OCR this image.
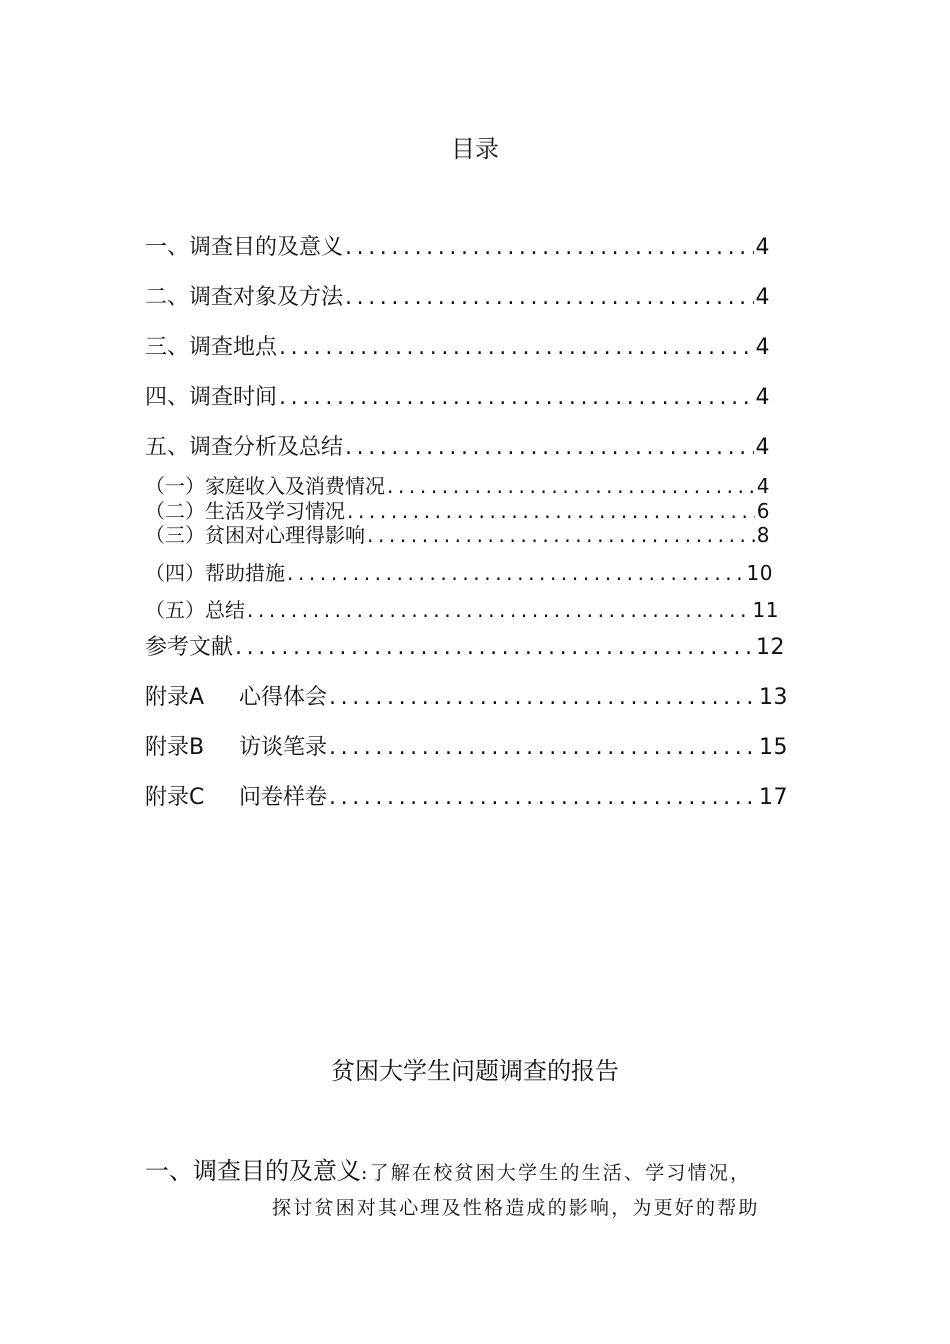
目录
一、调查目的及意义 .....	4
二、调查对象及方法 .....	4
三、调查地点 .....	4
四、调查时间 .....	4
五、调查分析及总结 .....	4
（一）家庭收入及消费情况 .....	4
（二）生活及学习情况 .....	6
（三）贫困对心理得影响 .....	8
（四）帮助措施 .....	10
（五）总结 .....	11
参考文献 .....	12
附录A 心得体会 .....	13
附录B 访谈笔录 .....	15
附录C 问卷样卷 .....	17
贫困大学生问题调查的报告
一、调查目的及意义 : 了解在校贫困大学生的生活、学习情况，
探讨贫困对其心理及性格造成的影响，为更好的帮助
